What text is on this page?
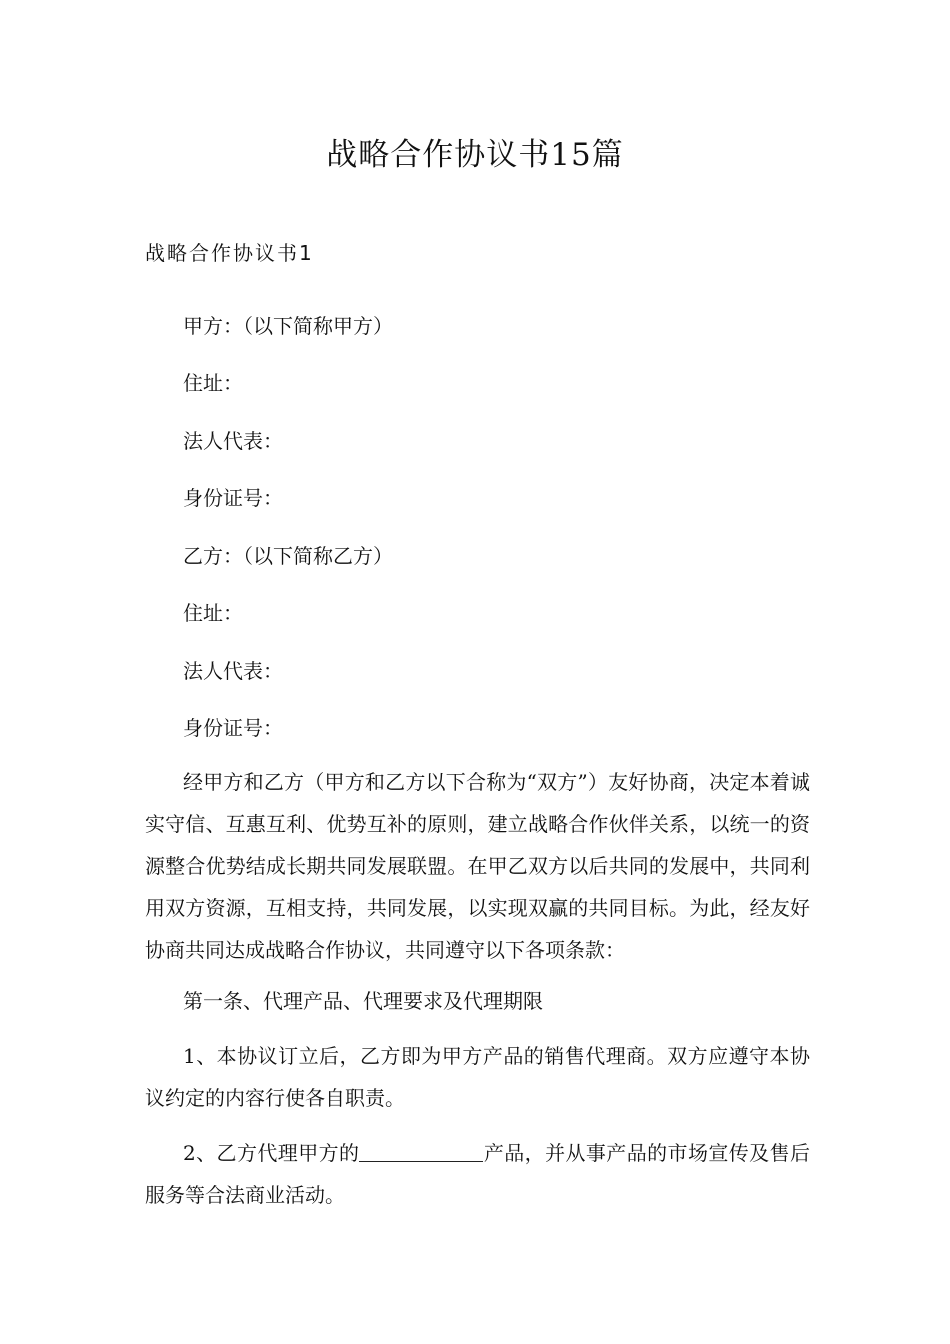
战略合作协议书15篇
战略合作协议书1

甲方：（以下简称甲方）

住址：

法人代表：

身份证号：

乙方：（以下简称乙方）

住址：

法人代表：

身份证号：

经甲方和乙方（甲方和乙方以下合称为“双方”）友好协商，决定本着诚实守信、互惠互利、优势互补的原则，建立战略合作伙伴关系，以统一的资源整合优势结成长期共同发展联盟。在甲乙双方以后共同的发展中，共同利用双方资源，互相支持，共同发展，以实现双赢的共同目标。为此，经友好协商共同达成战略合作协议，共同遵守以下各项条款：

第一条、代理产品、代理要求及代理期限

1、本协议订立后，乙方即为甲方产品的销售代理商。双方应遵守本协议约定的内容行使各自职责。

2、乙方代理甲方的	产品，并从事产品的市场宣传及售后服务等合法商业活动。
